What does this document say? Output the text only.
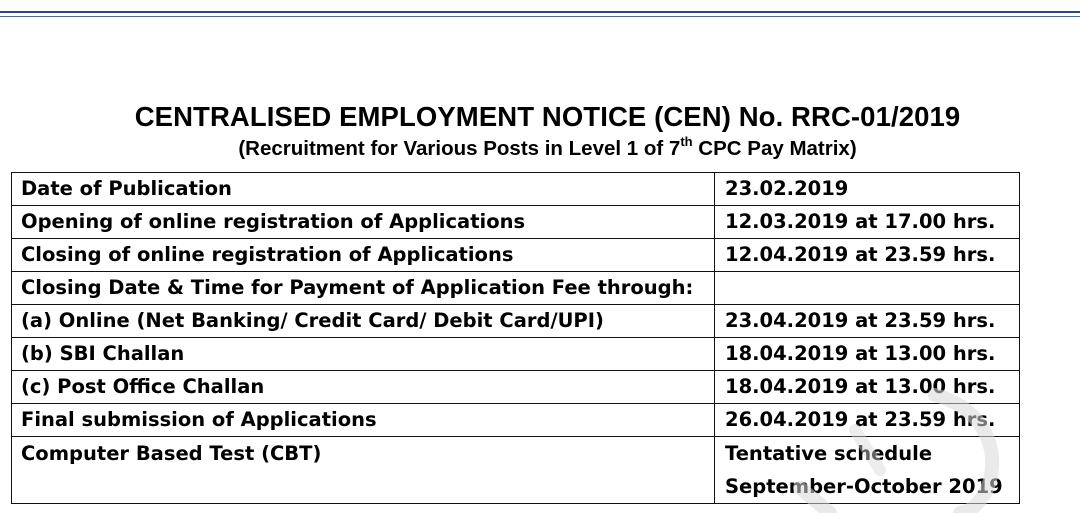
CENTRALISED EMPLOYMENT NOTICE (CEN) No. RRC-01/2019
(Recruitment for Various Posts in Level 1 of 7th CPC Pay Matrix)
Date of Publication	23.02.2019
Opening of online registration of Applications	12.03.2019 at 17.00 hrs.
Closing of online registration of Applications	12.04.2019 at 23.59 hrs.
Closing Date & Time for Payment of Application Fee through:	
(a) Online (Net Banking/ Credit Card/ Debit Card/UPI)	23.04.2019 at 23.59 hrs.
(b) SBI Challan	18.04.2019 at 13.00 hrs.
(c) Post Office Challan	18.04.2019 at 13.00 hrs.
Final submission of Applications	26.04.2019 at 23.59 hrs.

Computer Based Test (CBT)	Tentative schedule
September-October 2019
